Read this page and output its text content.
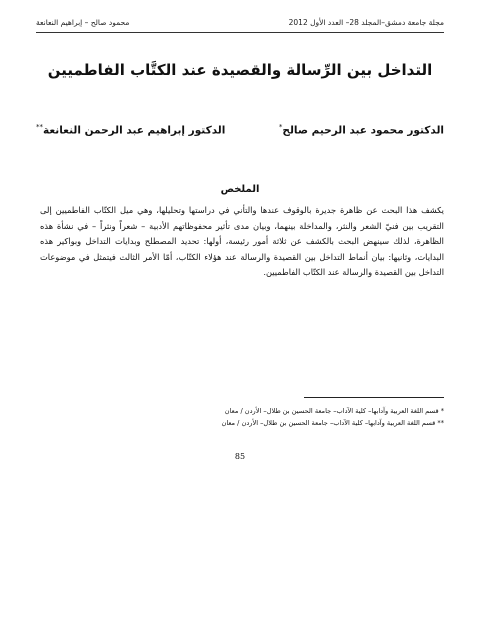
مجلة جامعة دمشق–المجلد 28– العدد الأول 2012
محمود صالح – إبراهيم النعانعة
التداخل بين الرِّسالة والقصيدة عند الكتَّاب الفاطميين
الدكتور محمود عبد الرحيم صالح*
الدكتور إبراهيم عبد الرحمن النعانعة**
الملخص

يكشف هذا البحث عن ظاهرة جديرة بالوقوف عندها والتأني في دراستها وتحليلها، وهي ميل الكتّاب الفاطميين إلى التقريب بين فنيّ الشعر والنثر، والمداخلة بينهما، وبيان مدى تأثير محفوظاتهم الأدبية – شعراً ونثراً – في نشأة هذه الظاهرة، لذلك سينهض البحث بالكشف عن ثلاثة أمور رئيسة، أولها: تحديد المصطلح وبدايات التداخل وبواكير هذه البدايات، وثانيها: بيان أنماط التداخل بين القصيدة والرسالة عند هؤلاء الكتّاب، أمّا الأمر الثالث فيتمثل في موضوعات التداخل بين القصيدة والرسالة عند الكتّاب الفاطميين.

* قسم اللغة العربية وآدابها– كلية الآداب– جامعة الحسين بن طلال– الأردن / معان
** قسم اللغة العربية وآدابها– كلية الآداب– جامعة الحسين بن طلال– الأردن / معان
85
